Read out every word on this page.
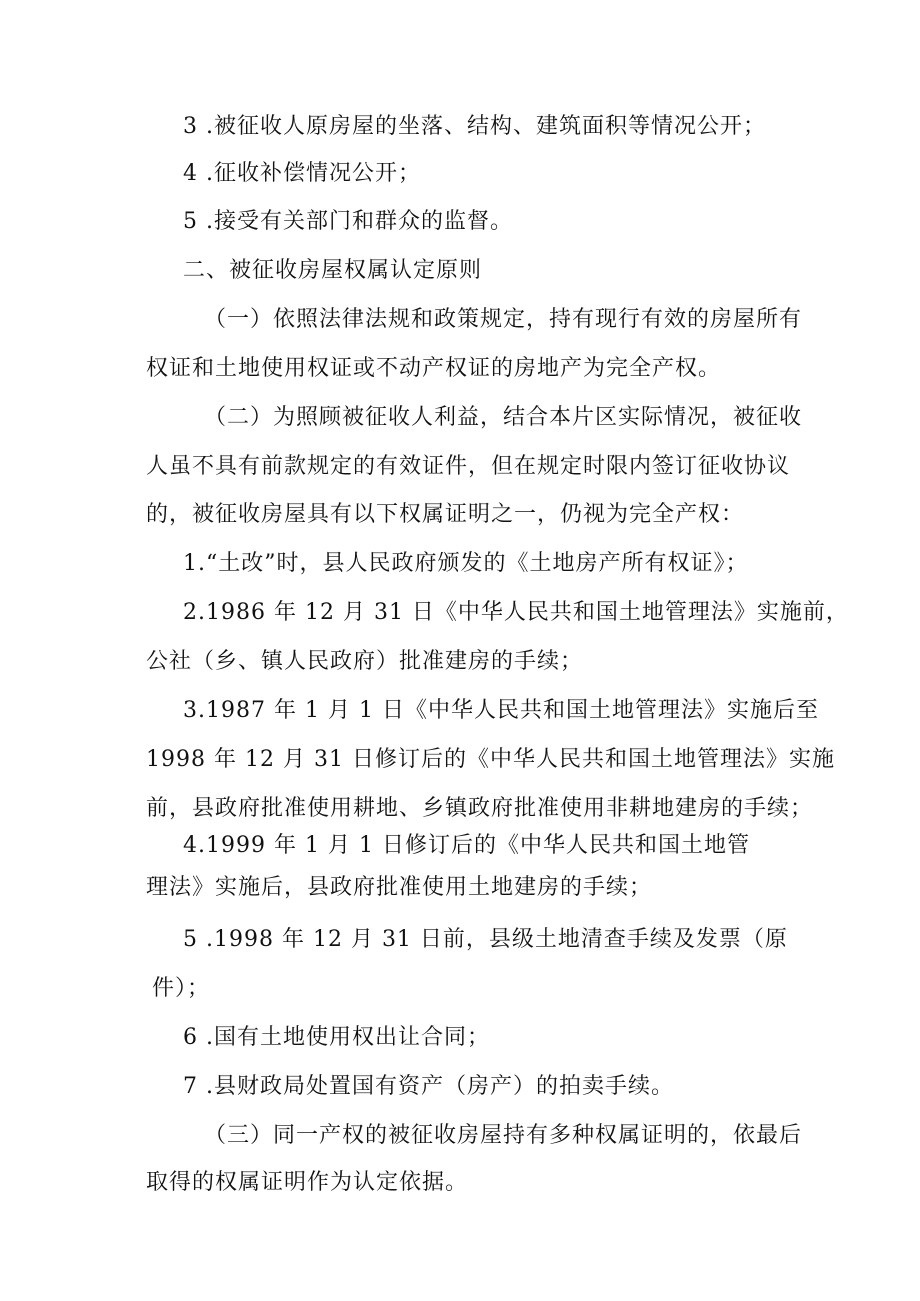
3 .被征收人原房屋的坐落、结构、建筑面积等情况公开；
4 .征收补偿情况公开；
5 .接受有关部门和群众的监督。
二、被征收房屋权属认定原则
（一）依照法律法规和政策规定，持有现行有效的房屋所有
权证和土地使用权证或不动产权证的房地产为完全产权。
（二）为照顾被征收人利益，结合本片区实际情况，被征收
人虽不具有前款规定的有效证件，但在规定时限内签订征收协议
的，被征收房屋具有以下权属证明之一，仍视为完全产权：
1.“土改”时，县人民政府颁发的《土地房产所有权证》；
2.1986 年 12 月 31 日《中华人民共和国土地管理法》实施前，
公社（乡、镇人民政府）批准建房的手续；
3.1987 年 1 月 1 日《中华人民共和国土地管理法》实施后至
1998 年 12 月 31 日修订后的《中华人民共和国土地管理法》实施
前，县政府批准使用耕地、乡镇政府批准使用非耕地建房的手续；
4.1999 年 1 月 1 日修订后的《中华人民共和国土地管
理法》实施后，县政府批准使用土地建房的手续；
5 .1998 年 12 月 31 日前，县级土地清查手续及发票（原
件）；
6 .国有土地使用权出让合同；
7 .县财政局处置国有资产（房产）的拍卖手续。
（三）同一产权的被征收房屋持有多种权属证明的，依最后
取得的权属证明作为认定依据。
